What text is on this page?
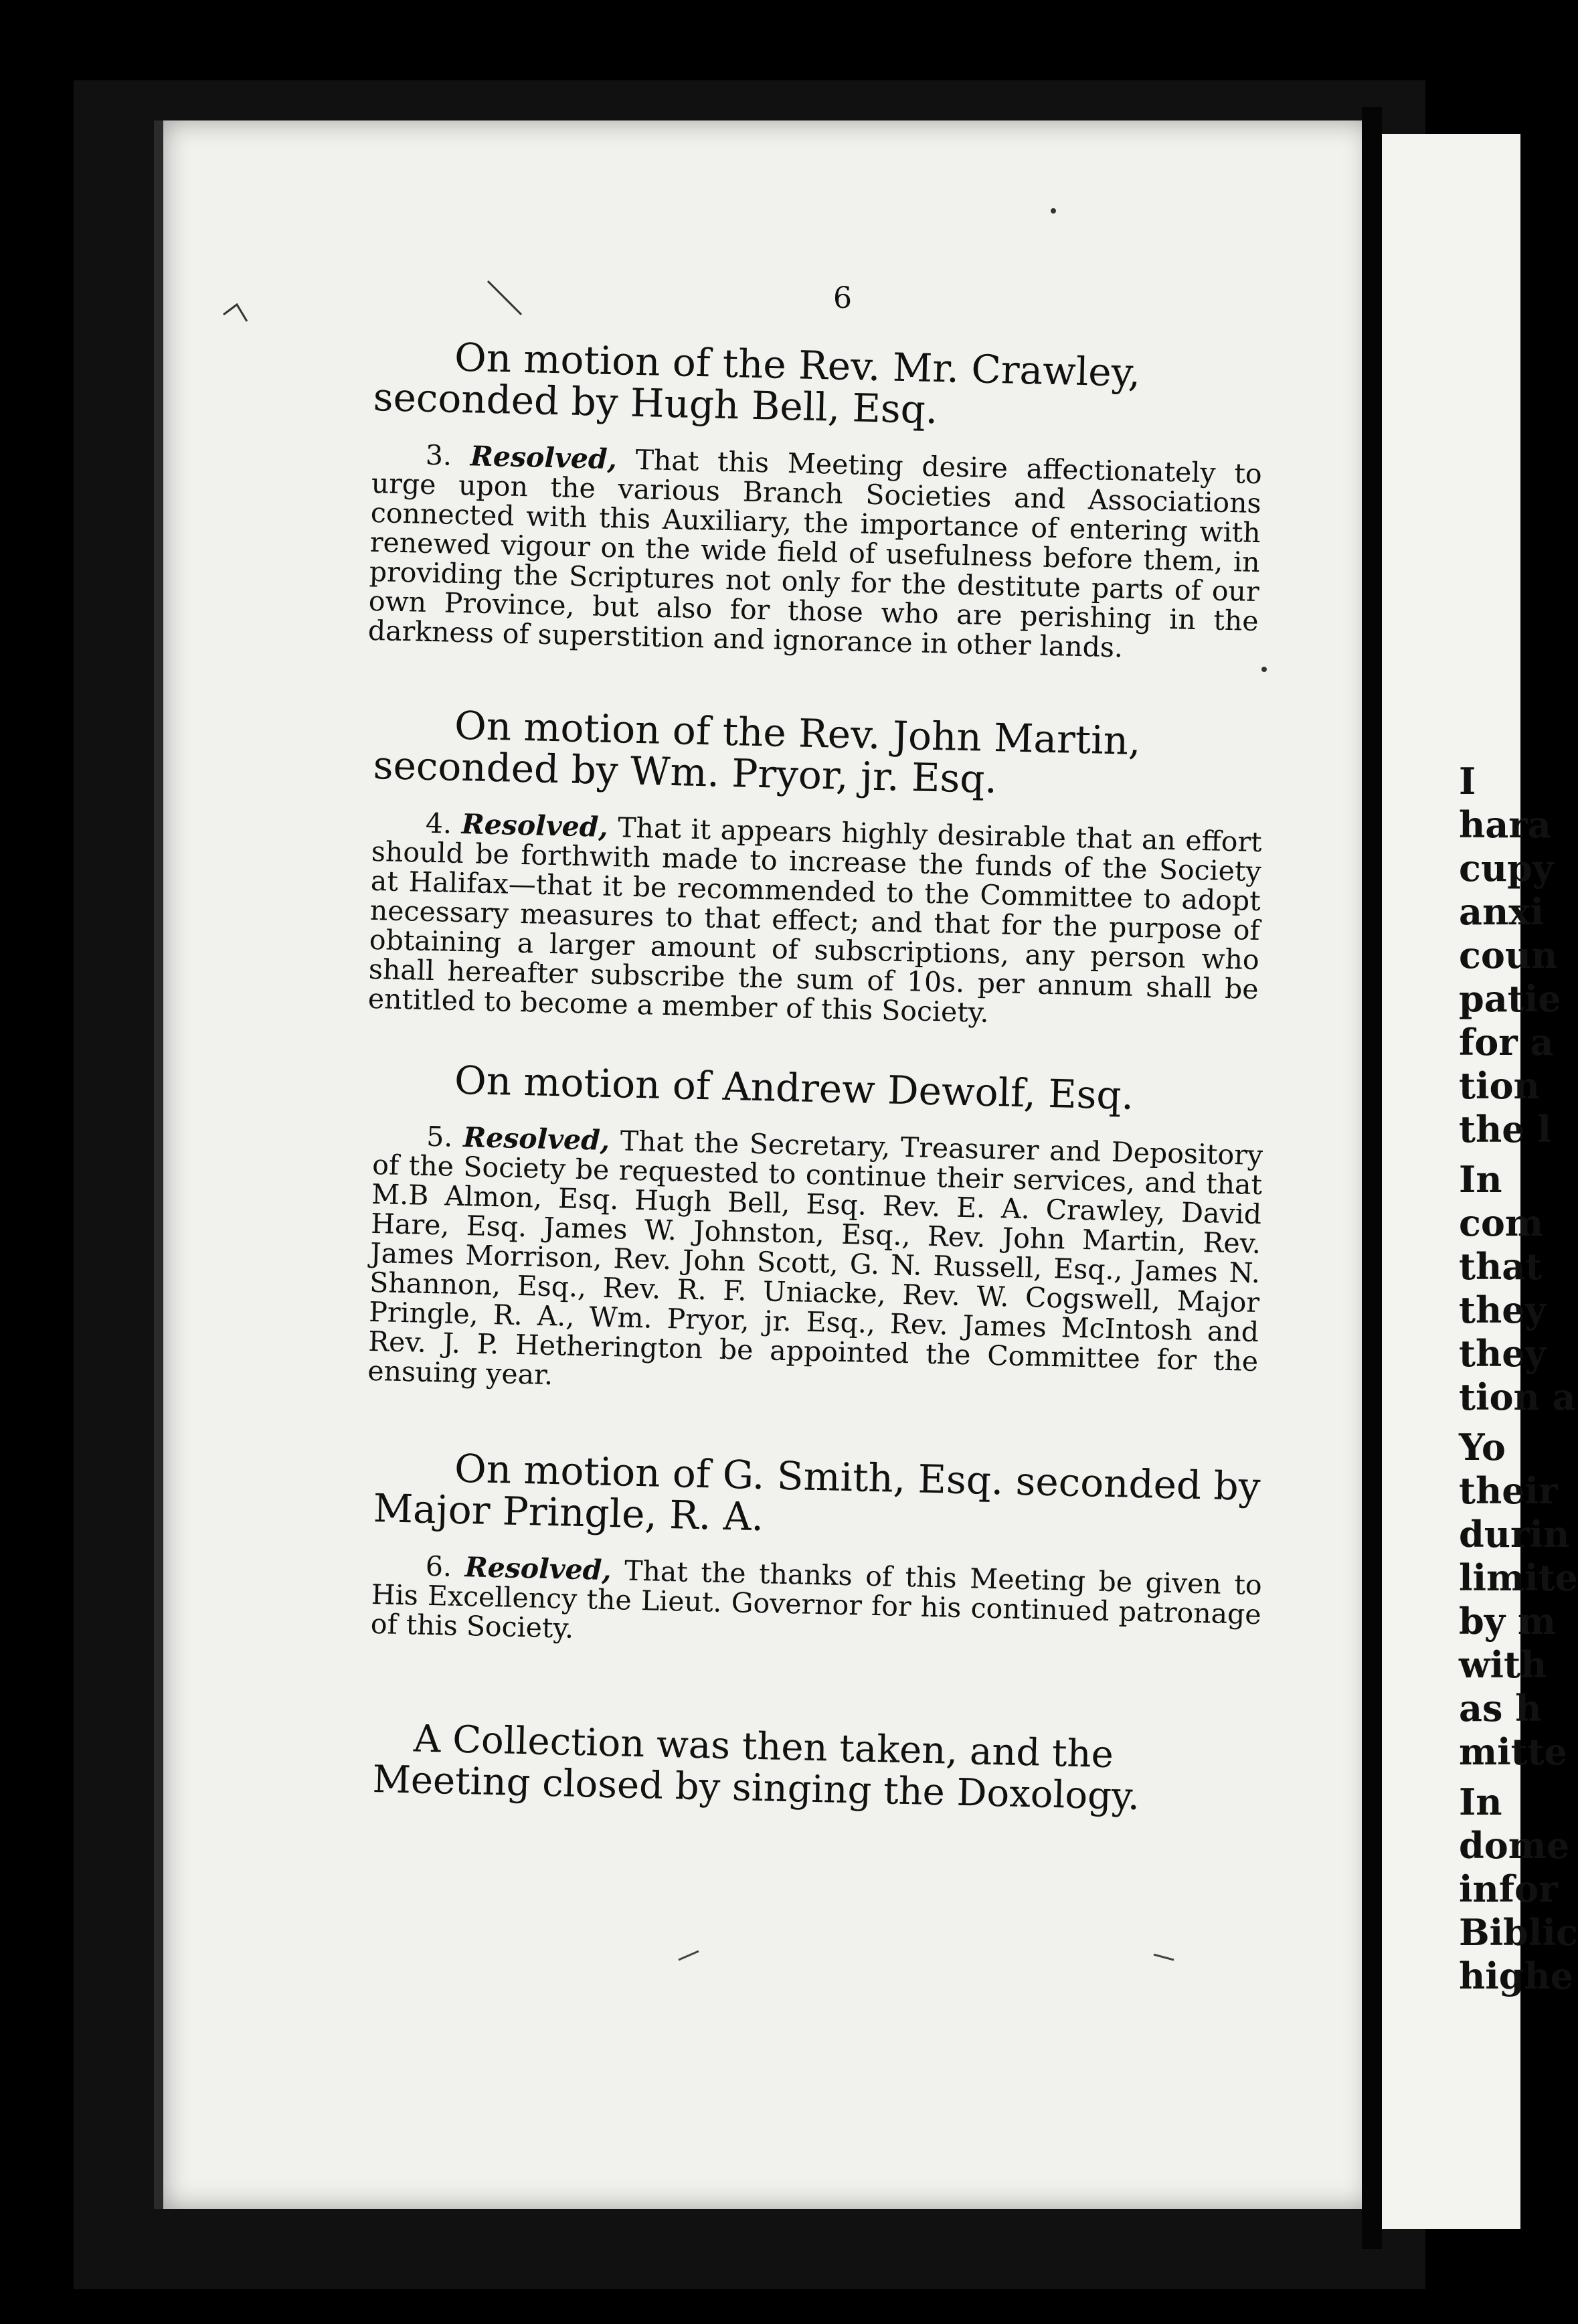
6

On motion of the Rev. Mr. Crawley, seconded by Hugh Bell, Esq.

3. Resolved, That this Meeting desire affectionately to urge upon the various Branch Societies and Associations connected with this Auxiliary, the importance of entering with renewed vigour on the wide field of usefulness before them, in providing the Scriptures not only for the destitute parts of our own Province, but also for those who are perishing in the darkness of superstition and ignorance in other lands.

On motion of the Rev. John Martin, seconded by Wm. Pryor, jr. Esq.

4. Resolved, That it appears highly desirable that an effort should be forthwith made to increase the funds of the Society at Halifax—that it be recommended to the Committee to adopt necessary measures to that effect; and that for the purpose of obtaining a larger amount of subscriptions, any person who shall hereafter subscribe the sum of 10s. per annum shall be entitled to become a member of this Society.

On motion of Andrew Dewolf, Esq.

5. Resolved, That the Secretary, Treasurer and Depository of the Society be requested to continue their services, and that M.B Almon, Esq. Hugh Bell, Esq. Rev. E. A. Crawley, David Hare, Esq. James W. Johnston, Esq., Rev. John Martin, Rev. James Morrison, Rev. John Scott, G. N. Russell, Esq., James N. Shannon, Esq., Rev. R. F. Uniacke, Rev. W. Cogswell, Major Pringle, R. A., Wm. Pryor, jr. Esq., Rev. James McIntosh and Rev. J. P. Hetherington be appointed the Committee for the ensuing year.

On motion of G. Smith, Esq. seconded by Major Pringle, R. A.

6. Resolved, That the thanks of this Meeting be given to His Excellency the Lieut. Governor for his continued patronage of this Society.

A Collection was then taken, and the Meeting closed by singing the Doxology.

I
hara
cupy
anxi
coun
patie
for a
tion
the l
In
com
that
they
they
tion a
Yo
their
durin
limite
by m
with
as h
mitte
In
dome
infor
Biblic
highe
